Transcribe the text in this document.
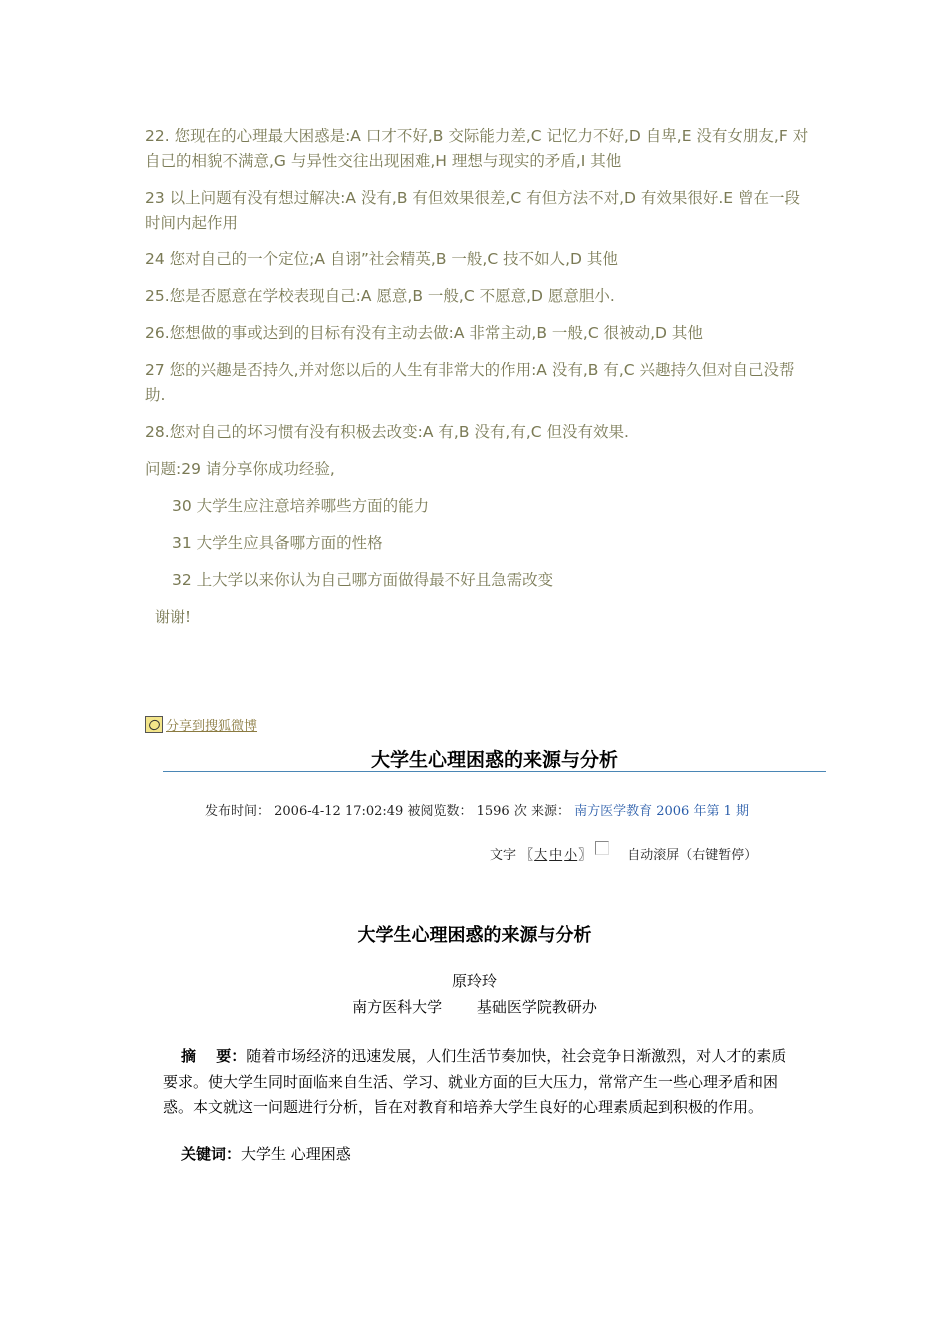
22. 您现在的心理最大困惑是:A 口才不好,B 交际能力差,C 记忆力不好,D 自卑,E 没有女朋友,F 对自己的相貌不满意,G 与异性交往出现困难,H 理想与现实的矛盾,I 其他

23 以上问题有没有想过解决:A 没有,B 有但效果很差,C 有但方法不对,D 有效果很好.E 曾在一段时间内起作用

24 您对自己的一个定位;A 自诩”社会精英,B 一般,C 技不如人,D 其他

25.您是否愿意在学校表现自己:A 愿意,B 一般,C 不愿意,D 愿意胆小.

26.您想做的事或达到的目标有没有主动去做:A 非常主动,B 一般,C 很被动,D 其他

27 您的兴趣是否持久,并对您以后的人生有非常大的作用:A 没有,B 有,C 兴趣持久但对自己没帮助.

28.您对自己的坏习惯有没有积极去改变:A 有,B 没有,有,C 但没有效果.

问题:29 请分享你成功经验,

30 大学生应注意培养哪些方面的能力

31 大学生应具备哪方面的性格

32 上大学以来你认为自己哪方面做得最不好且急需改变

谢谢!
分享到搜狐微博
大学生心理困惑的来源与分析
发布时间： 2006-4-12 17:02:49 被阅览数： 1596 次 来源： 南方医学教育 2006 年第 1 期
文字 〖 大 中 小 〗	自动滚屏（右键暂停）
大学生心理困惑的来源与分析
原玲玲
南方医科大学　　 基础医学院教研办

摘　 要：随着市场经济的迅速发展，人们生活节奏加快，社会竞争日渐激烈，对人才的素质要求。使大学生同时面临来自生活、学习、就业方面的巨大压力，常常产生一些心理矛盾和困惑。本文就这一问题进行分析，旨在对教育和培养大学生良好的心理素质起到积极的作用。

关键词：大学生 心理困惑
